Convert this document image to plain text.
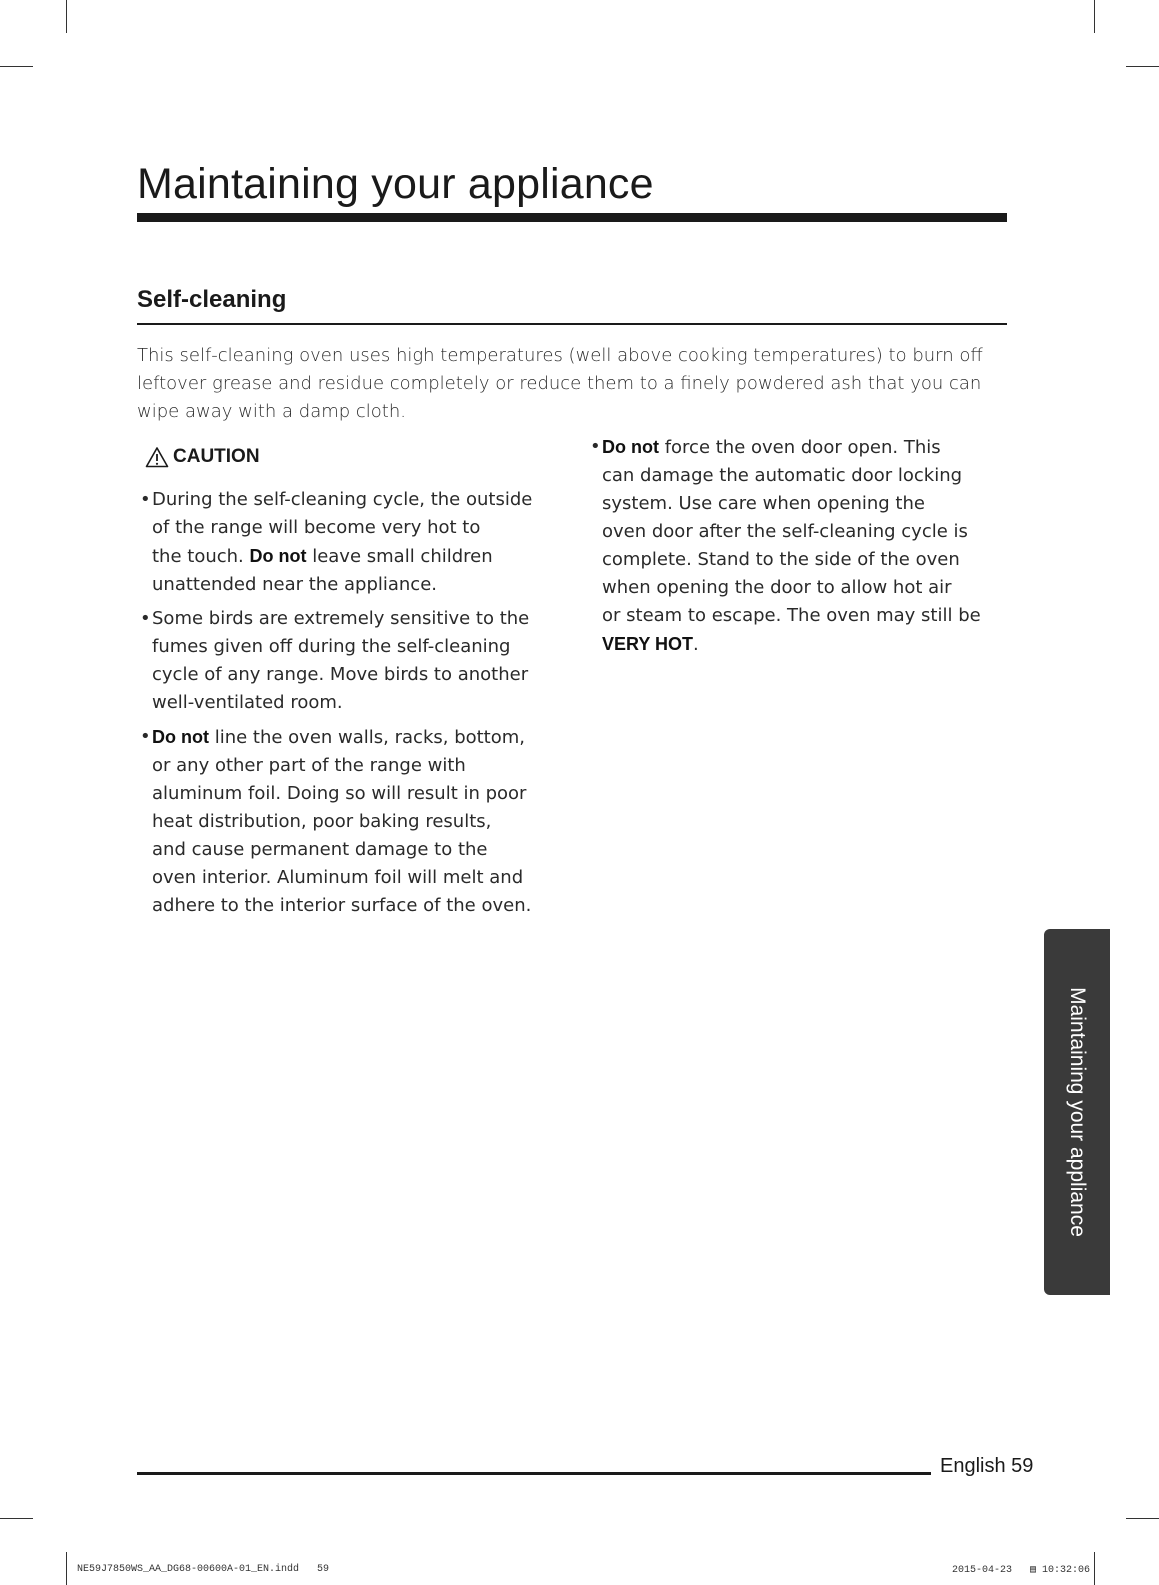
Maintaining your appliance
Self-cleaning

This self-cleaning oven uses high temperatures (well above cooking temperatures) to burn off leftover grease and residue completely or reduce them to a finely powdered ash that you can wipe away with a damp cloth.

CAUTION
• During the self-cleaning cycle, the outside
of the range will become very hot to
the touch. Do not leave small children
unattended near the appliance.
• Some birds are extremely sensitive to the
fumes given off during the self-cleaning
cycle of any range. Move birds to another
well-ventilated room.
• Do not line the oven walls, racks, bottom,
or any other part of the range with
aluminum foil. Doing so will result in poor
heat distribution, poor baking results,
and cause permanent damage to the
oven interior. Aluminum foil will melt and
adhere to the interior surface of the oven.
• Do not force the oven door open. This
can damage the automatic door locking
system. Use care when opening the
oven door after the self-cleaning cycle is
complete. Stand to the side of the oven
when opening the door to allow hot air
or steam to escape. The oven may still be
VERY HOT.
Maintaining your appliance
English 59
NE59J7850WS_AA_DG68-00600A-01_EN.indd   59	2015-04-23   ▤ 10:32:06
